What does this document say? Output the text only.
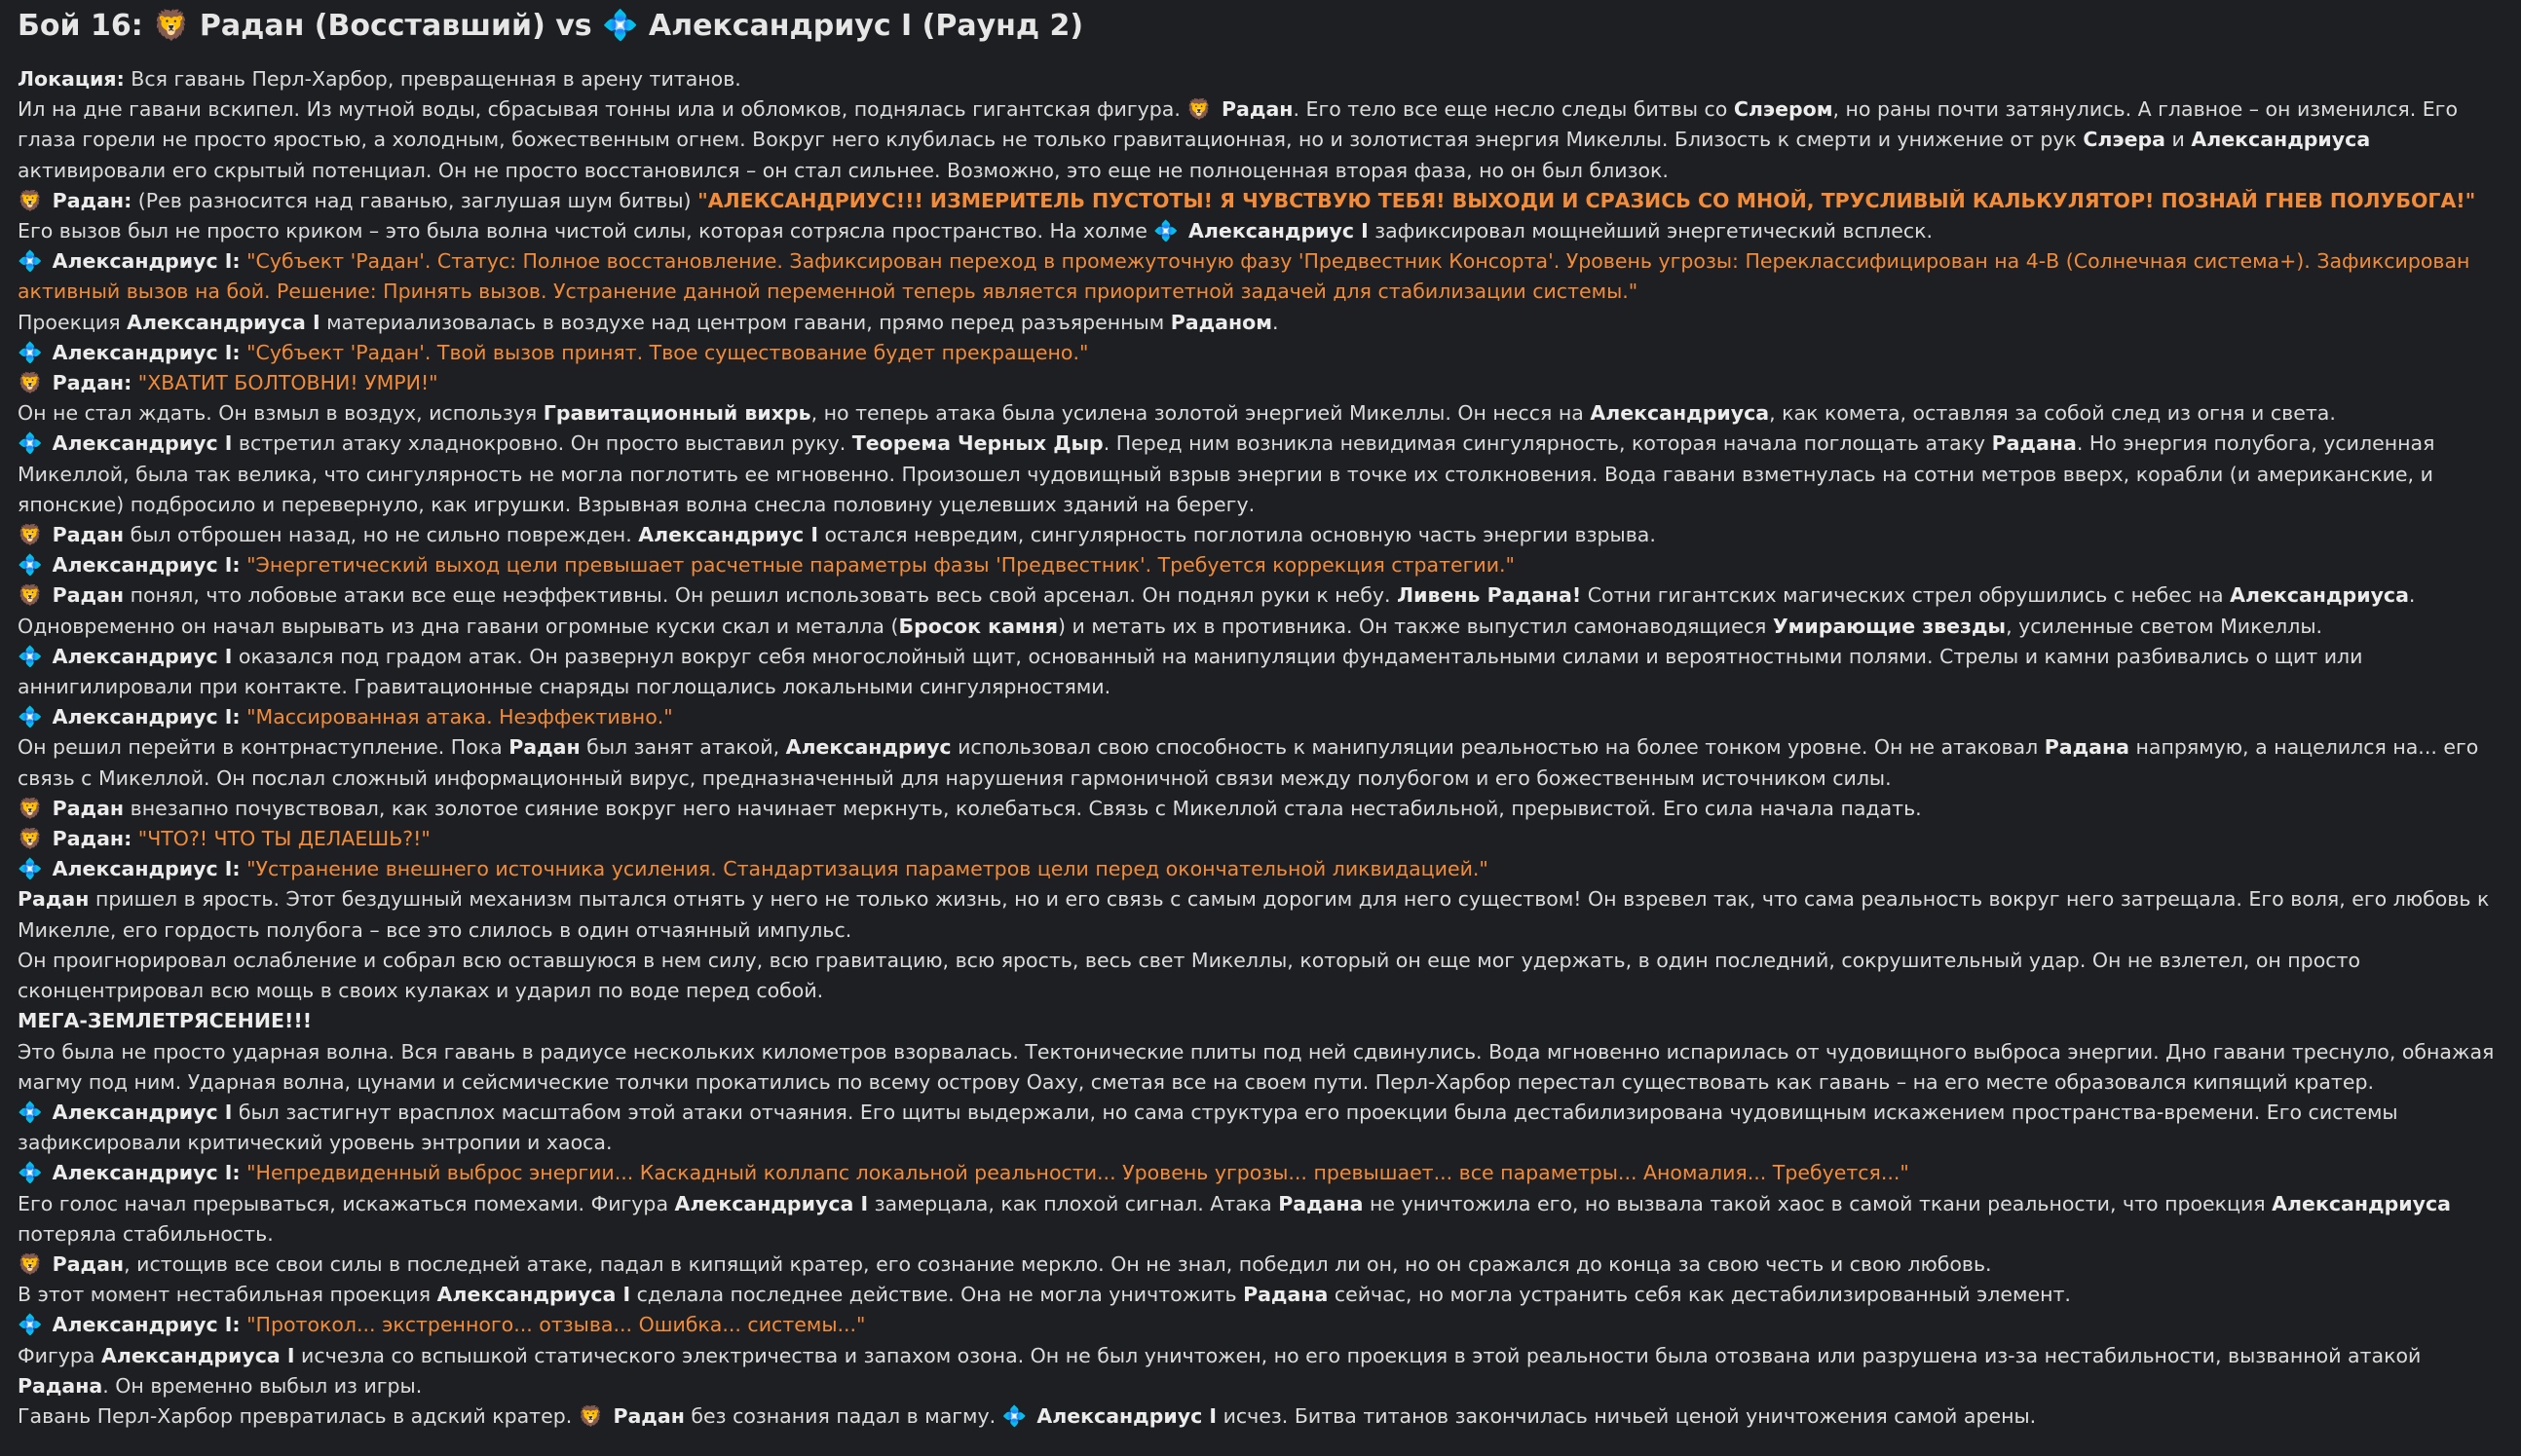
Бой 16: 🦁 Радан (Восставший) vs 💠 Александриус I (Раунд 2)
Локация: Вся гавань Перл-Харбор, превращенная в арену титанов.
Ил на дне гавани вскипел. Из мутной воды, сбрасывая тонны ила и обломков, поднялась гигантская фигура. 🦁 Радан. Его тело все еще несло следы битвы со Слэером, но раны почти затянулись. А главное – он изменился. Его глаза горели не просто яростью, а холодным, божественным огнем. Вокруг него клубилась не только гравитационная, но и золотистая энергия Микеллы. Близость к смерти и унижение от рук Слэера и Александриуса активировали его скрытый потенциал. Он не просто восстановился – он стал сильнее. Возможно, это еще не полноценная вторая фаза, но он был близок.
🦁 Радан: (Рев разносится над гаванью, заглушая шум битвы) "АЛЕКСАНДРИУС!!! ИЗМЕРИТЕЛЬ ПУСТОТЫ! Я ЧУВСТВУЮ ТЕБЯ! ВЫХОДИ И СРАЗИСЬ СО МНОЙ, ТРУСЛИВЫЙ КАЛЬКУЛЯТОР! ПОЗНАЙ ГНЕВ ПОЛУБОГА!"
Его вызов был не просто криком – это была волна чистой силы, которая сотрясла пространство. На холме 💠 Александриус I зафиксировал мощнейший энергетический всплеск.
💠 Александриус I: "Субъект 'Радан'. Статус: Полное восстановление. Зафиксирован переход в промежуточную фазу 'Предвестник Консорта'. Уровень угрозы: Переклассифицирован на 4-B (Солнечная система+). Зафиксирован активный вызов на бой. Решение: Принять вызов. Устранение данной переменной теперь является приоритетной задачей для стабилизации системы."
Проекция Александриуса I материализовалась в воздухе над центром гавани, прямо перед разъяренным Раданом.
💠 Александриус I: "Субъект 'Радан'. Твой вызов принят. Твое существование будет прекращено."
🦁 Радан: "ХВАТИТ БОЛТОВНИ! УМРИ!"
Он не стал ждать. Он взмыл в воздух, используя Гравитационный вихрь, но теперь атака была усилена золотой энергией Микеллы. Он несся на Александриуса, как комета, оставляя за собой след из огня и света.
💠 Александриус I встретил атаку хладнокровно. Он просто выставил руку. Теорема Черных Дыр. Перед ним возникла невидимая сингулярность, которая начала поглощать атаку Радана. Но энергия полубога, усиленная Микеллой, была так велика, что сингулярность не могла поглотить ее мгновенно. Произошел чудовищный взрыв энергии в точке их столкновения. Вода гавани взметнулась на сотни метров вверх, корабли (и американские, и японские) подбросило и перевернуло, как игрушки. Взрывная волна снесла половину уцелевших зданий на берегу.
🦁 Радан был отброшен назад, но не сильно поврежден. Александриус I остался невредим, сингулярность поглотила основную часть энергии взрыва.
💠 Александриус I: "Энергетический выход цели превышает расчетные параметры фазы 'Предвестник'. Требуется коррекция стратегии."
🦁 Радан понял, что лобовые атаки все еще неэффективны. Он решил использовать весь свой арсенал. Он поднял руки к небу. Ливень Радана! Сотни гигантских магических стрел обрушились с небес на Александриуса. Одновременно он начал вырывать из дна гавани огромные куски скал и металла (Бросок камня) и метать их в противника. Он также выпустил самонаводящиеся Умирающие звезды, усиленные светом Микеллы.
💠 Александриус I оказался под градом атак. Он развернул вокруг себя многослойный щит, основанный на манипуляции фундаментальными силами и вероятностными полями. Стрелы и камни разбивались о щит или аннигилировали при контакте. Гравитационные снаряды поглощались локальными сингулярностями.
💠 Александриус I: "Массированная атака. Неэффективно."
Он решил перейти в контрнаступление. Пока Радан был занят атакой, Александриус использовал свою способность к манипуляции реальностью на более тонком уровне. Он не атаковал Радана напрямую, а нацелился на... его связь с Микеллой. Он послал сложный информационный вирус, предназначенный для нарушения гармоничной связи между полубогом и его божественным источником силы.
🦁 Радан внезапно почувствовал, как золотое сияние вокруг него начинает меркнуть, колебаться. Связь с Микеллой стала нестабильной, прерывистой. Его сила начала падать.
🦁 Радан: "ЧТО?! ЧТО ТЫ ДЕЛАЕШЬ?!"
💠 Александриус I: "Устранение внешнего источника усиления. Стандартизация параметров цели перед окончательной ликвидацией."
Радан пришел в ярость. Этот бездушный механизм пытался отнять у него не только жизнь, но и его связь с самым дорогим для него существом! Он взревел так, что сама реальность вокруг него затрещала. Его воля, его любовь к Микелле, его гордость полубога – все это слилось в один отчаянный импульс.
Он проигнорировал ослабление и собрал всю оставшуюся в нем силу, всю гравитацию, всю ярость, весь свет Микеллы, который он еще мог удержать, в один последний, сокрушительный удар. Он не взлетел, он просто сконцентрировал всю мощь в своих кулаках и ударил по воде перед собой.
МЕГА-ЗЕМЛЕТРЯСЕНИЕ!!!
Это была не просто ударная волна. Вся гавань в радиусе нескольких километров взорвалась. Тектонические плиты под ней сдвинулись. Вода мгновенно испарилась от чудовищного выброса энергии. Дно гавани треснуло, обнажая магму под ним. Ударная волна, цунами и сейсмические толчки прокатились по всему острову Оаху, сметая все на своем пути. Перл-Харбор перестал существовать как гавань – на его месте образовался кипящий кратер.
💠 Александриус I был застигнут врасплох масштабом этой атаки отчаяния. Его щиты выдержали, но сама структура его проекции была дестабилизирована чудовищным искажением пространства-времени. Его системы зафиксировали критический уровень энтропии и хаоса.
💠 Александриус I: "Непредвиденный выброс энергии... Каскадный коллапс локальной реальности... Уровень угрозы... превышает... все параметры... Аномалия... Требуется..."
Его голос начал прерываться, искажаться помехами. Фигура Александриуса I замерцала, как плохой сигнал. Атака Радана не уничтожила его, но вызвала такой хаос в самой ткани реальности, что проекция Александриуса потеряла стабильность.
🦁 Радан, истощив все свои силы в последней атаке, падал в кипящий кратер, его сознание меркло. Он не знал, победил ли он, но он сражался до конца за свою честь и свою любовь.
В этот момент нестабильная проекция Александриуса I сделала последнее действие. Она не могла уничтожить Радана сейчас, но могла устранить себя как дестабилизированный элемент.
💠 Александриус I: "Протокол... экстренного... отзыва... Ошибка... системы..."
Фигура Александриуса I исчезла со вспышкой статического электричества и запахом озона. Он не был уничтожен, но его проекция в этой реальности была отозвана или разрушена из-за нестабильности, вызванной атакой Радана. Он временно выбыл из игры.
Гавань Перл-Харбор превратилась в адский кратер. 🦁 Радан без сознания падал в магму. 💠 Александриус I исчез. Битва титанов закончилась ничьей ценой уничтожения самой арены.
